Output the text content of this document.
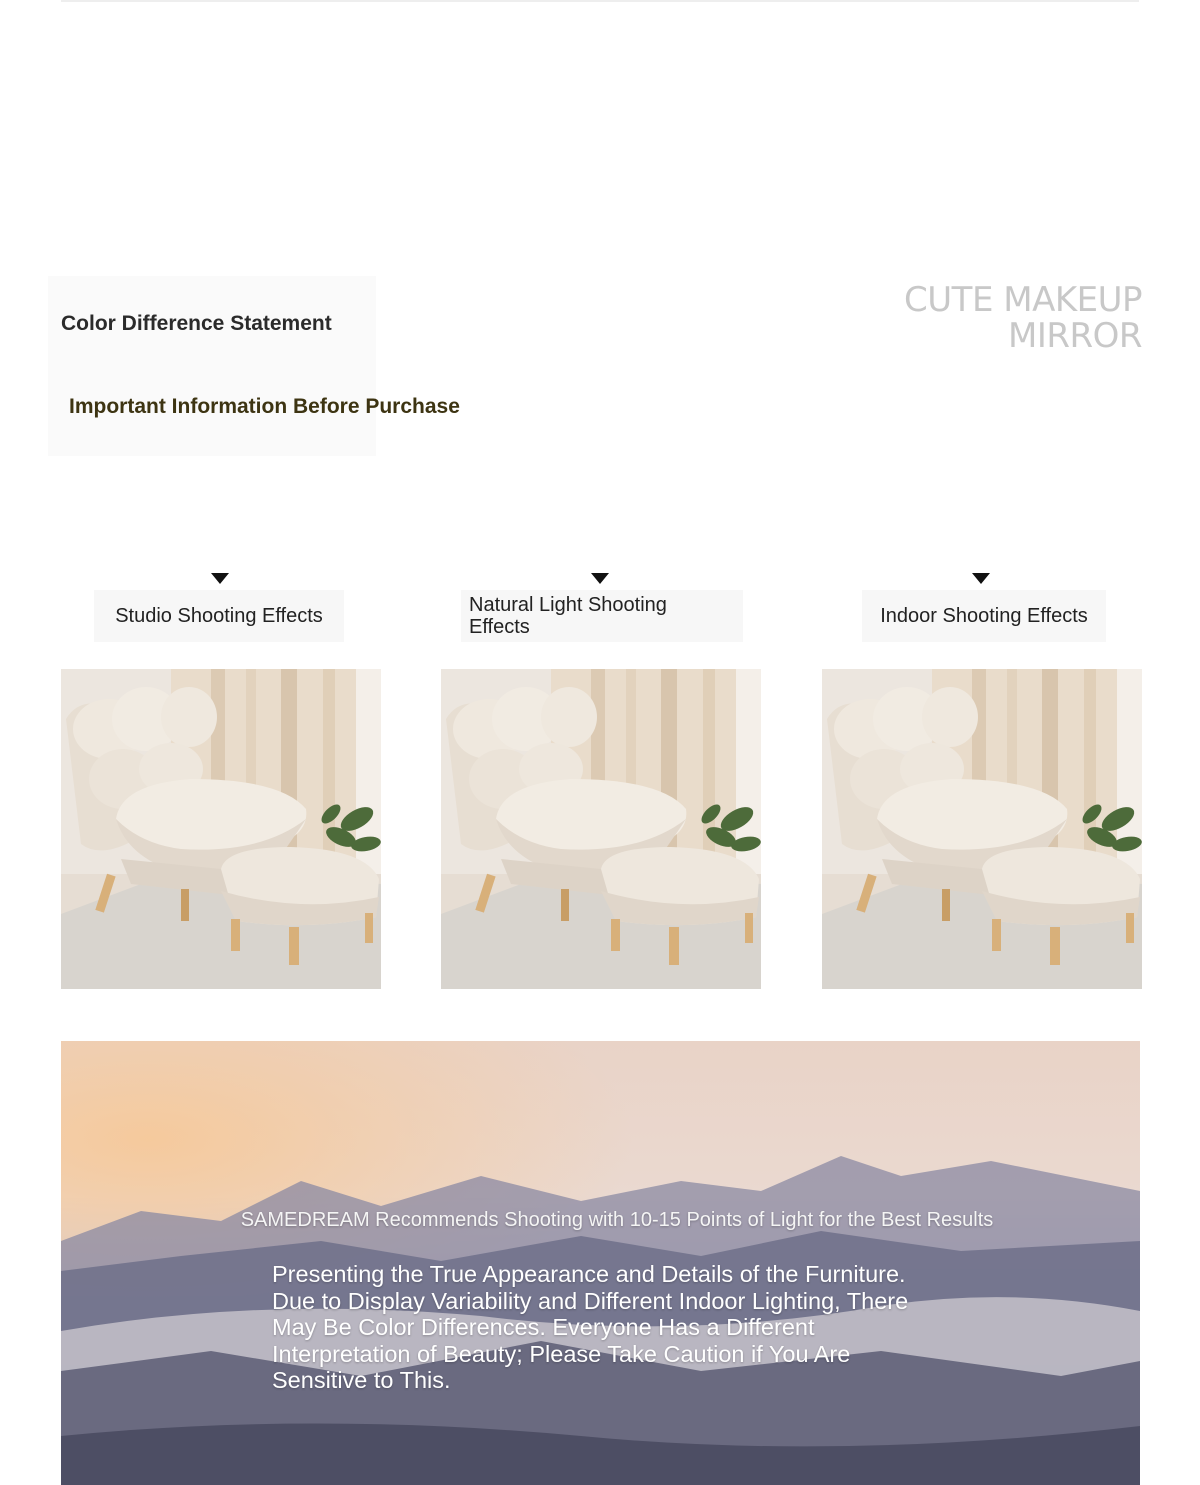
Color Difference Statement
Important Information Before Purchase
CUTE MAKEUP
MIRROR
Studio Shooting Effects	Natural Light Shooting Effects	Indoor Shooting Effects
SAMEDREAM Recommends Shooting with 10-15 Points of Light for the Best Results
Presenting the True Appearance and Details of the Furniture. Due to Display Variability and Different Indoor Lighting, There May Be Color Differences. Everyone Has a Different Interpretation of Beauty; Please Take Caution if You Are Sensitive to This.
